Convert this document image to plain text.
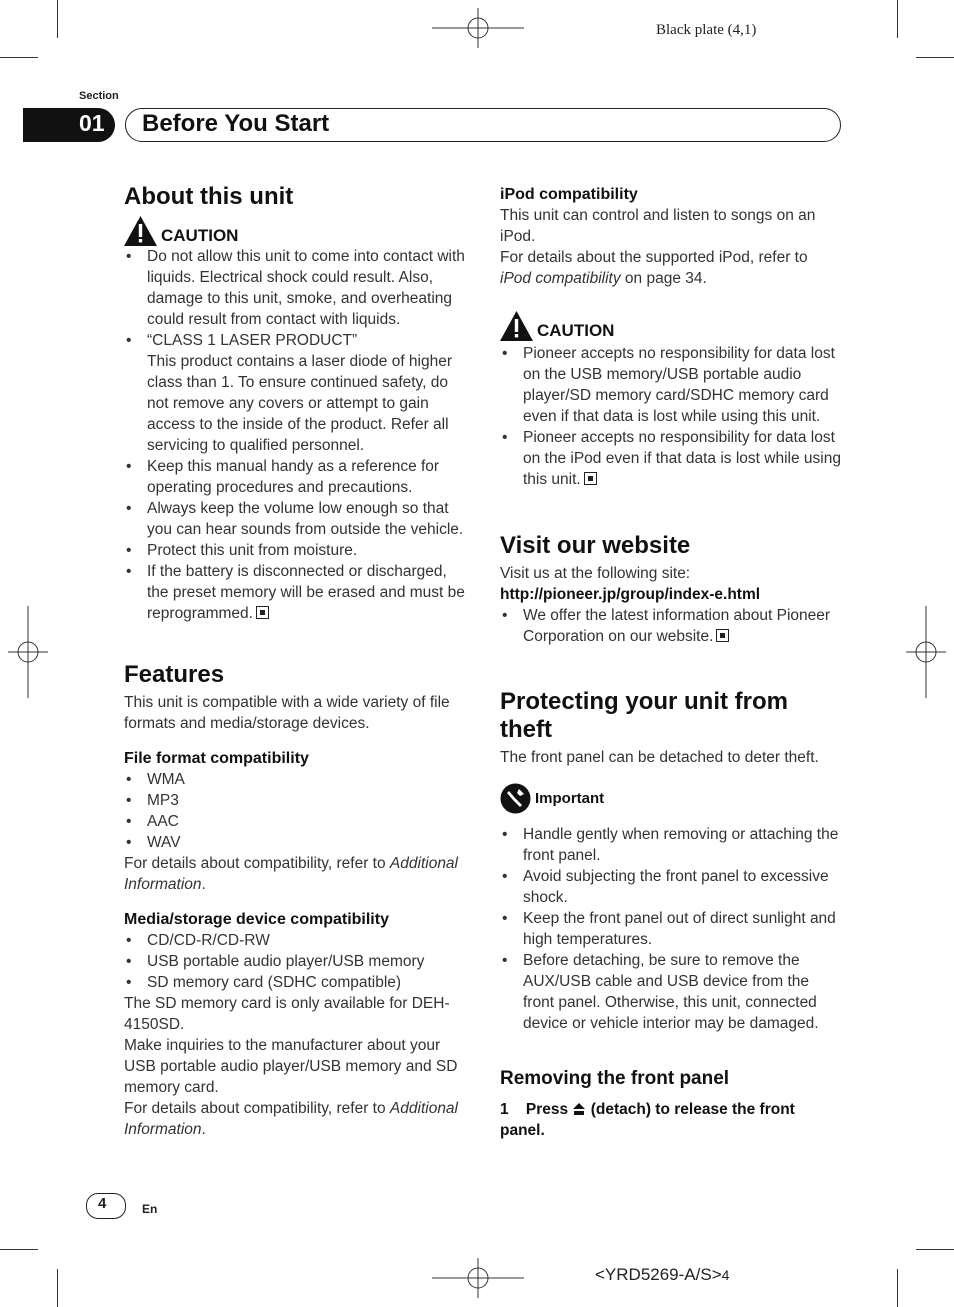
Black plate (4,1)
Section
01 Before You Start
About this unit
CAUTION
• Do not allow this unit to come into contact with liquids. Electrical shock could result. Also, damage to this unit, smoke, and overheating could result from contact with liquids.
• “CLASS 1 LASER PRODUCT”
This product contains a laser diode of higher class than 1. To ensure continued safety, do not remove any covers or attempt to gain access to the inside of the product. Refer all servicing to qualified personnel.
• Keep this manual handy as a reference for operating procedures and precautions.
• Always keep the volume low enough so that you can hear sounds from outside the vehicle.
• Protect this unit from moisture.
• If the battery is disconnected or discharged, the preset memory will be erased and must be reprogrammed.
Features

This unit is compatible with a wide variety of file formats and media/storage devices.

File format compatibility
• WMA
• MP3
• AAC
• WAV

For details about compatibility, refer to Additional Information.

Media/storage device compatibility
• CD/CD-R/CD-RW
• USB portable audio player/USB memory
• SD memory card (SDHC compatible)

The SD memory card is only available for DEH-4150SD.

Make inquiries to the manufacturer about your USB portable audio player/USB memory and SD memory card.

For details about compatibility, refer to Additional Information.

iPod compatibility

This unit can control and listen to songs on an iPod.

For details about the supported iPod, refer to iPod compatibility on page 34.

CAUTION
• Pioneer accepts no responsibility for data lost on the USB memory/USB portable audio player/SD memory card/SDHC memory card even if that data is lost while using this unit.
• Pioneer accepts no responsibility for data lost on the iPod even if that data is lost while using this unit.
Visit our website

Visit us at the following site:

http://pioneer.jp/group/index-e.html

• We offer the latest information about Pioneer Corporation on our website.
Protecting your unit from theft

The front panel can be detached to deter theft.

Important
• Handle gently when removing or attaching the front panel.
• Avoid subjecting the front panel to excessive shock.
• Keep the front panel out of direct sunlight and high temperatures.
• Before detaching, be sure to remove the AUX/USB cable and USB device from the front panel. Otherwise, this unit, connected device or vehicle interior may be damaged.
Removing the front panel
1 Press (detach) to release the front panel.
4	En
<YRD5269-A/S>4
